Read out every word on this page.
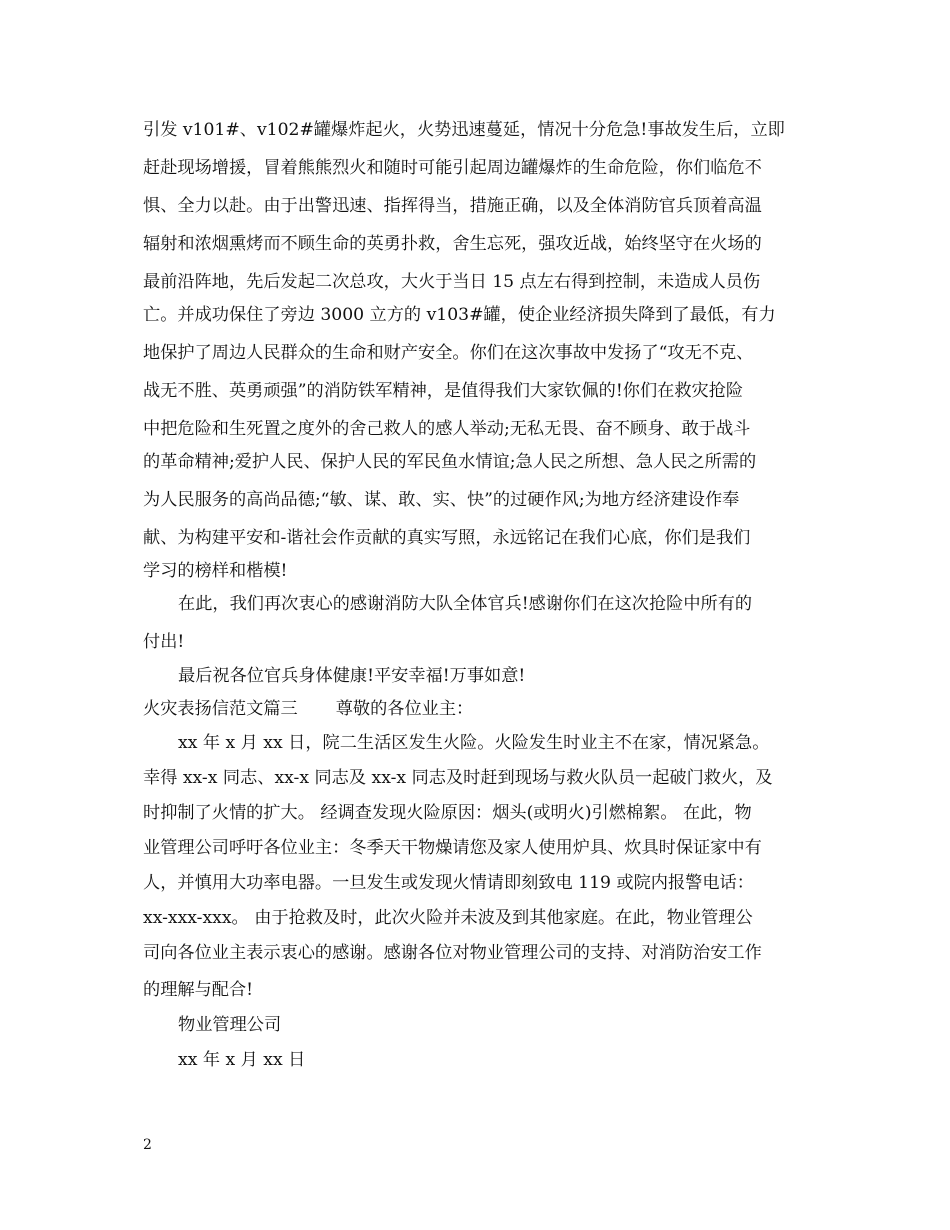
引发 v101#、v102#罐爆炸起火，火势迅速蔓延，情况十分危急!事故发生后，立即
赶赴现场增援，冒着熊熊烈火和随时可能引起周边罐爆炸的生命危险，你们临危不
惧、全力以赴。由于出警迅速、指挥得当，措施正确，以及全体消防官兵顶着高温
辐射和浓烟熏烤而不顾生命的英勇扑救，舍生忘死，强攻近战，始终坚守在火场的
最前沿阵地，先后发起二次总攻，大火于当日 15 点左右得到控制，未造成人员伤
亡。并成功保住了旁边 3000 立方的 v103#罐，使企业经济损失降到了最低，有力
地保护了周边人民群众的生命和财产安全。你们在这次事故中发扬了“攻无不克、
战无不胜、英勇顽强”的消防铁军精神，是值得我们大家钦佩的!你们在救灾抢险
中把危险和生死置之度外的舍己救人的感人举动;无私无畏、奋不顾身、敢于战斗
的革命精神;爱护人民、保护人民的军民鱼水情谊;急人民之所想、急人民之所需的
为人民服务的高尚品德;“敏、谋、敢、实、快”的过硬作风;为地方经济建设作奉
献、为构建平安和-谐社会作贡献的真实写照，永远铭记在我们心底，你们是我们
学习的榜样和楷模!
在此，我们再次衷心的感谢消防大队全体官兵!感谢你们在这次抢险中所有的
付出!
最后祝各位官兵身体健康!平安幸福!万事如意!
火灾表扬信范文篇三 尊敬的各位业主：
xx 年 x 月 xx 日，院二生活区发生火险。火险发生时业主不在家，情况紧急。
幸得 xx-x 同志、xx-x 同志及 xx-x 同志及时赶到现场与救火队员一起破门救火，及
时抑制了火情的扩大。 经调查发现火险原因：烟头(或明火)引燃棉絮。 在此，物
业管理公司呼吁各位业主：冬季天干物燥请您及家人使用炉具、炊具时保证家中有
人，并慎用大功率电器。一旦发生或发现火情请即刻致电 119 或院内报警电话：
xx-xxx-xxx。 由于抢救及时，此次火险并未波及到其他家庭。在此，物业管理公
司向各位业主表示衷心的感谢。感谢各位对物业管理公司的支持、对消防治安工作
的理解与配合!
物业管理公司
xx 年 x 月 xx 日
2
